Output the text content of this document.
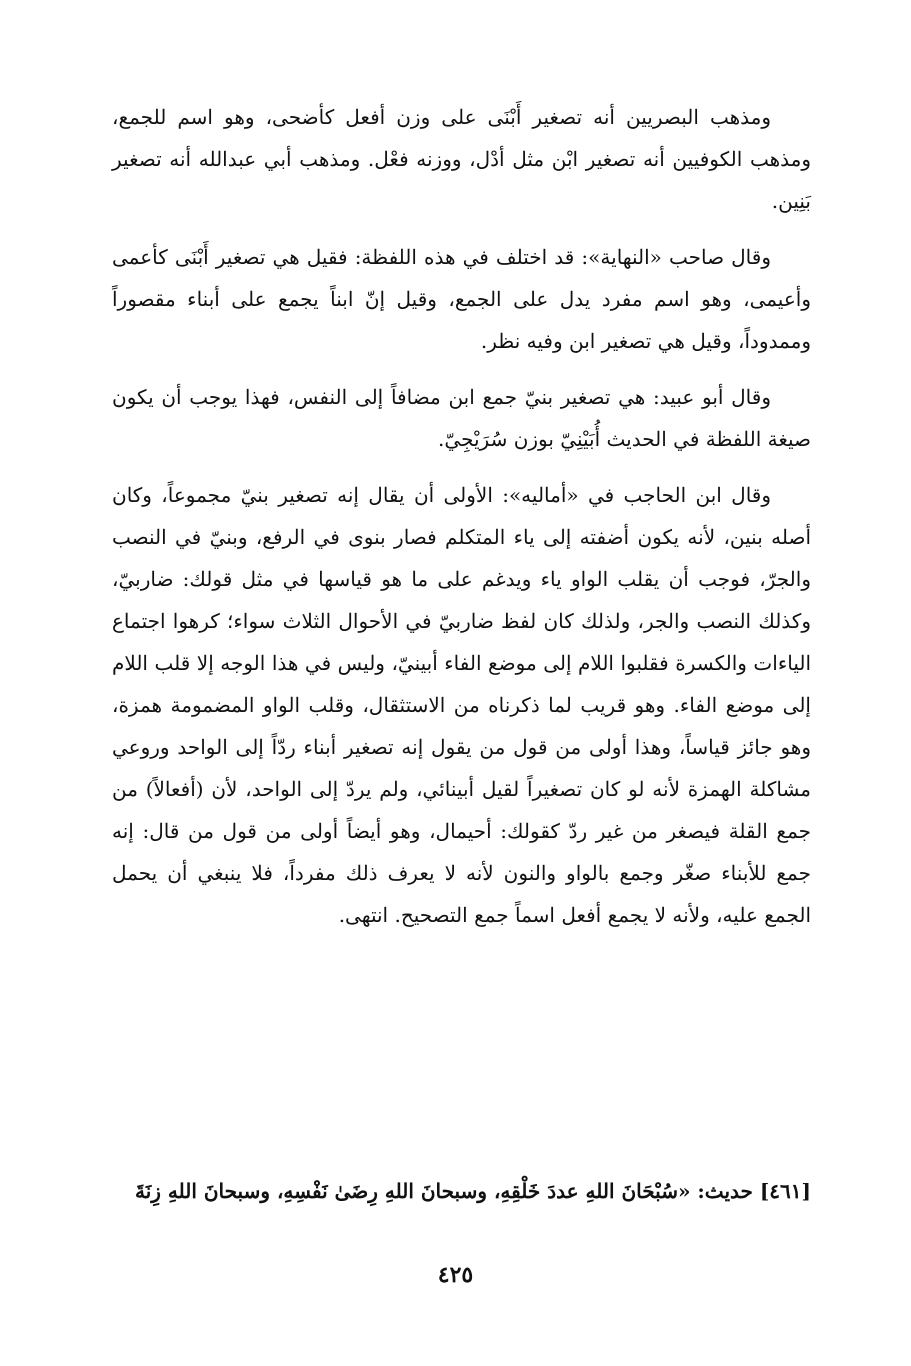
ومذهب البصريين أنه تصغير أَبْنَى على وزن أفعل كأضحى، وهو اسم للجمع، ومذهب الكوفيين أنه تصغير ابْن مثل أدْل، ووزنه فعْل. ومذهب أبي عبدالله أنه تصغير بَنِين.

وقال صاحب «النهاية»: قد اختلف في هذه اللفظة: فقيل هي تصغير أَبْنَى كأعمى وأعيمى، وهو اسم مفرد يدل على الجمع، وقيل إنّ ابناً يجمع على أبناء مقصوراً وممدوداً، وقيل هي تصغير ابن وفيه نظر.

وقال أبو عبيد: هي تصغير بنيّ جمع ابن مضافاً إلى النفس، فهذا يوجب أن يكون صيغة اللفظة في الحديث أُبَيْنِيّ بوزن سُرَيْجِيّ.

وقال ابن الحاجب في «أماليه»: الأولى أن يقال إنه تصغير بنيّ مجموعاً، وكان أصله بنين، لأنه يكون أضفته إلى ياء المتكلم فصار بنوى في الرفع، وبنيّ في النصب والجرّ، فوجب أن يقلب الواو ياء ويدغم على ما هو قياسها في مثل قولك: ضاربيّ، وكذلك النصب والجر، ولذلك كان لفظ ضاربيّ في الأحوال الثلاث سواء؛ كرهوا اجتماع الياءات والكسرة فقلبوا اللام إلى موضع الفاء أبينيّ، وليس في هذا الوجه إلا قلب اللام إلى موضع الفاء. وهو قريب لما ذكرناه من الاستثقال، وقلب الواو المضمومة همزة، وهو جائز قياساً، وهذا أولى من قول من يقول إنه تصغير أبناء ردّاً إلى الواحد وروعي مشاكلة الهمزة لأنه لو كان تصغيراً لقيل أبينائي، ولم يردّ إلى الواحد، لأن (أفعالاً) من جمع القلة فيصغر من غير ردّ كقولك: أحيمال، وهو أيضاً أولى من قول من قال: إنه جمع للأبناء صغّر وجمع بالواو والنون لأنه لا يعرف ذلك مفرداً، فلا ينبغي أن يحمل الجمع عليه، ولأنه لا يجمع أفعل اسماً جمع التصحيح. انتهى.

[٤٦١] حديث: «سُبْحَانَ اللهِ عددَ خَلْقِهِ، وسبحانَ اللهِ رِضَىٰ نَفْسِهِ، وسبحانَ اللهِ زِنَةَ
٤٢٥
